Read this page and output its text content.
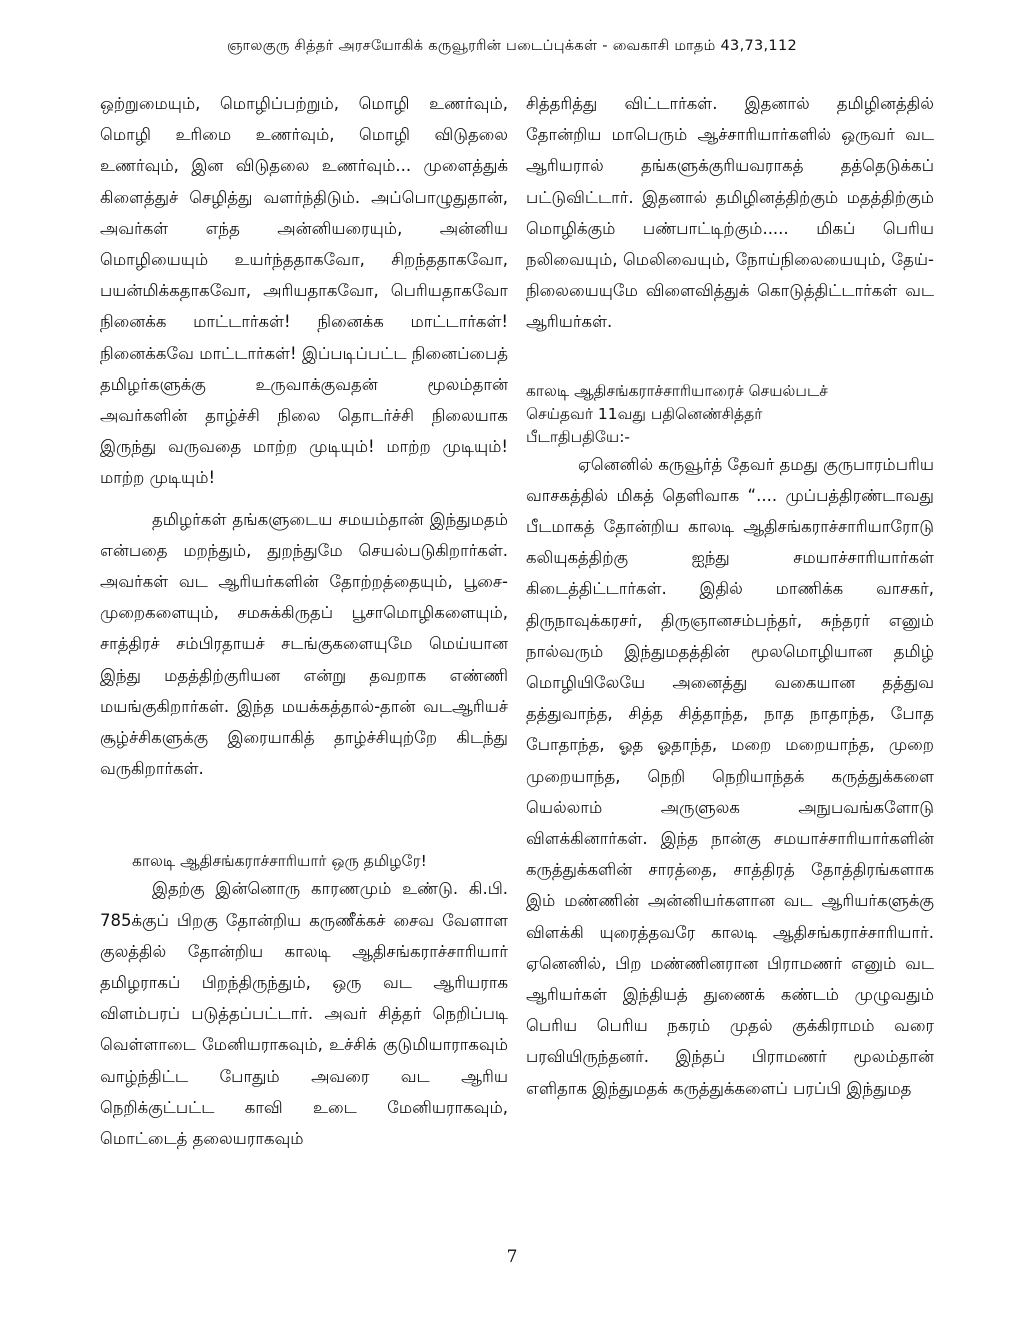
ஞாலகுரு சித்தர் அரசயோகிக் கருவூரரின் படைப்புக்கள் - வைகாசி மாதம் 43,73,112

ஒற்றுமையும், மொழிப்பற்றும், மொழி உணர்வும், மொழி உரிமை உணர்வும், மொழி விடுதலை உணர்வும், இன விடுதலை உணர்வும்... முளைத்துக் கிளைத்துச் செழித்து வளர்ந்திடும். அப்பொழுதுதான், அவர்கள் எந்த அன்னியரையும், அன்னிய மொழியையும் உயர்ந்ததாகவோ, சிறந்ததாகவோ, பயன்மிக்கதாகவோ, அரியதாகவோ, பெரியதாகவோ நினைக்க மாட்டார்கள்! நினைக்க மாட்டார்கள்! நினைக்கவே மாட்டார்கள்! இப்படிப்பட்ட நினைப்பைத் தமிழர்களுக்கு உருவாக்குவதன் மூலம்தான் அவர்களின் தாழ்ச்சி நிலை தொடர்ச்சி நிலையாக இருந்து வருவதை மாற்ற முடியும்! மாற்ற முடியும்! மாற்ற முடியும்!

தமிழர்கள் தங்களுடைய சமயம்தான் இந்துமதம் என்பதை மறந்தும், துறந்துமே செயல்படுகிறார்கள். அவர்கள் வட ஆரியர்களின் தோற்றத்தையும், பூசை-முறைகளையும், சமசுக்கிருதப் பூசாமொழிகளையும், சாத்திரச் சம்பிரதாயச் சடங்குகளையுமே மெய்யான இந்து மதத்திற்குரியன என்று தவறாக எண்ணி மயங்குகிறார்கள். இந்த மயக்கத்தால்-தான் வடஆரியச் சூழ்ச்சிகளுக்கு இரையாகித் தாழ்ச்சியுற்றே கிடந்து வருகிறார்கள்.

காலடி ஆதிசங்கராச்சாரியார் ஒரு தமிழரே!

இதற்கு இன்னொரு காரணமும் உண்டு. கி.பி. 785க்குப் பிறகு தோன்றிய கருணீக்கச் சைவ வேளாள குலத்தில் தோன்றிய காலடி ஆதிசங்கராச்சாரியார் தமிழராகப் பிறந்திருந்தும், ஒரு வட ஆரியராக விளம்பரப் படுத்தப்பட்டார். அவர் சித்தர் நெறிப்படி வெள்ளாடை மேனியராகவும், உச்சிக் குடுமியாராகவும் வாழ்ந்திட்ட போதும் அவரை வட ஆரிய நெறிக்குட்பட்ட காவி உடை மேனியராகவும், மொட்டைத் தலையராகவும்

சித்தரித்து விட்டார்கள். இதனால் தமிழினத்தில் தோன்றிய மாபெரும் ஆச்சாரியார்களில் ஒருவர் வட ஆரியரால் தங்களுக்குரியவராகத் தத்தெடுக்கப் பட்டுவிட்டார். இதனால் தமிழினத்திற்கும் மதத்திற்கும் மொழிக்கும் பண்பாட்டிற்கும்..... மிகப் பெரிய நலிவையும், மெலிவையும், நோய்நிலையையும், தேய்-நிலையையுமே விளைவித்துக் கொடுத்திட்டார்கள் வட ஆரியர்கள்.

காலடி ஆதிசங்கராச்சாரியாரைச் செயல்படச்

செய்தவர் 11வது பதினெண்சித்தர்

பீடாதிபதியே:-

ஏனெனில் கருவூர்த் தேவர் தமது குருபாரம்பரிய வாசகத்தில் மிகத் தெளிவாக “.... முப்பத்திரண்டாவது பீடமாகத் தோன்றிய காலடி ஆதிசங்கராச்சாரியாரோடு கலியுகத்திற்கு ஐந்து சமயாச்சாரியார்கள் கிடைத்திட்டார்கள். இதில் மாணிக்க வாசகர், திருநாவுக்கரசர், திருஞானசம்பந்தர், சுந்தரர் எனும் நால்வரும் இந்துமதத்தின் மூலமொழியான தமிழ் மொழியிலேயே அனைத்து வகையான தத்துவ தத்துவாந்த, சித்த சித்தாந்த, நாத நாதாந்த, போத போதாந்த, ஓத ஓதாந்த, மறை மறையாந்த, முறை முறையாந்த, நெறி நெறியாந்தக் கருத்துக்களை யெல்லாம் அருளுலக அநுபவங்களோடு விளக்கினார்கள். இந்த நான்கு சமயாச்சாரியார்களின் கருத்துக்களின் சாரத்தை, சாத்திரத் தோத்திரங்களாக இம் மண்ணின் அன்னியர்களான வட ஆரியர்களுக்கு விளக்கி யுரைத்தவரே காலடி ஆதிசங்கராச்சாரியார். ஏனெனில், பிற மண்ணினரான பிராமணர் எனும் வட ஆரியர்கள் இந்தியத் துணைக் கண்டம் முழுவதும் பெரிய பெரிய நகரம் முதல் குக்கிராமம் வரை பரவியிருந்தனர். இந்தப் பிராமணர் மூலம்தான் எளிதாக இந்துமதக் கருத்துக்களைப் பரப்பி இந்துமத

7
